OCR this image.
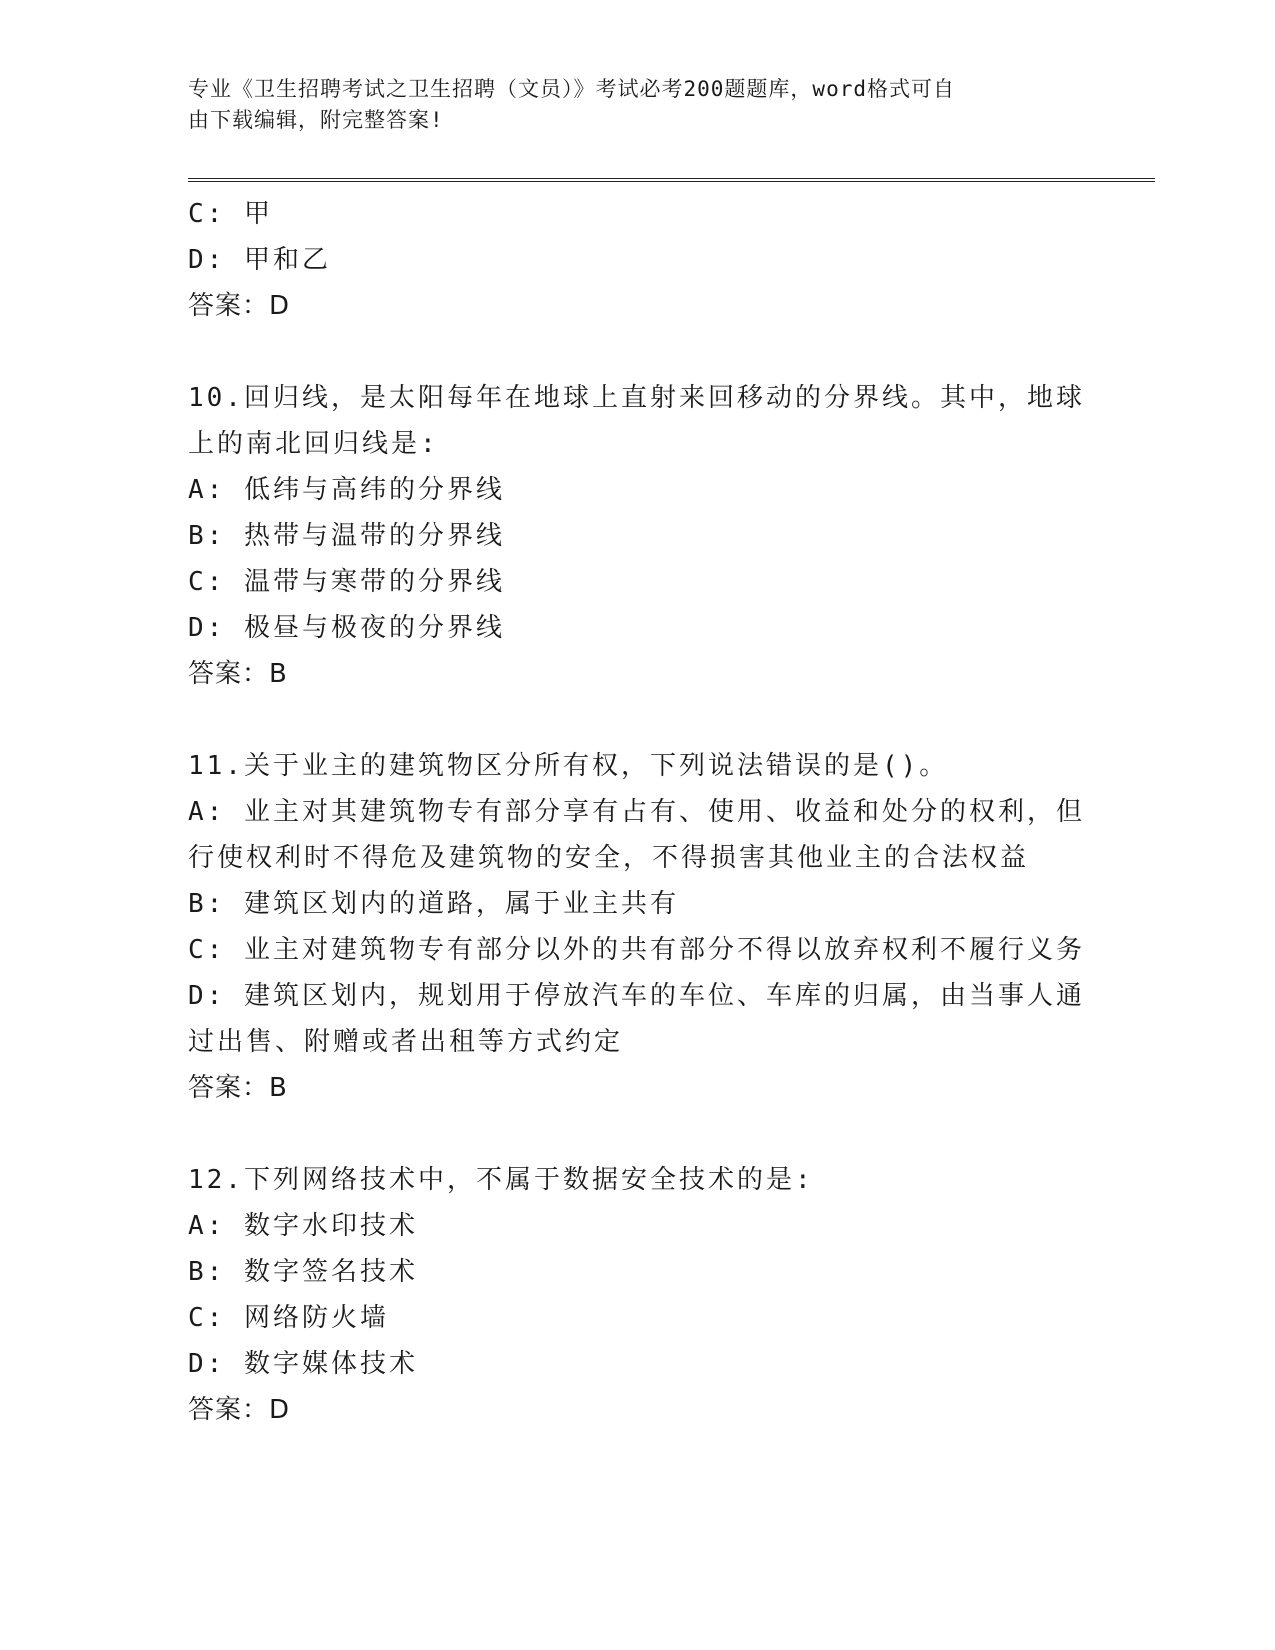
专业《卫生招聘考试之卫生招聘（文员）》考试必考200题题库，word格式可自
由下载编辑，附完整答案!
C: 甲
D: 甲和乙
答案：D
10.回归线，是太阳每年在地球上直射来回移动的分界线。其中，地球
上的南北回归线是:
A: 低纬与高纬的分界线
B: 热带与温带的分界线
C: 温带与寒带的分界线
D: 极昼与极夜的分界线
答案：B
11.关于业主的建筑物区分所有权，下列说法错误的是()。
A: 业主对其建筑物专有部分享有占有、使用、收益和处分的权利，但
行使权利时不得危及建筑物的安全，不得损害其他业主的合法权益
B: 建筑区划内的道路，属于业主共有
C: 业主对建筑物专有部分以外的共有部分不得以放弃权利不履行义务
D: 建筑区划内，规划用于停放汽车的车位、车库的归属，由当事人通
过出售、附赠或者出租等方式约定
答案：B
12.下列网络技术中，不属于数据安全技术的是:
A: 数字水印技术
B: 数字签名技术
C: 网络防火墙
D: 数字媒体技术
答案：D
